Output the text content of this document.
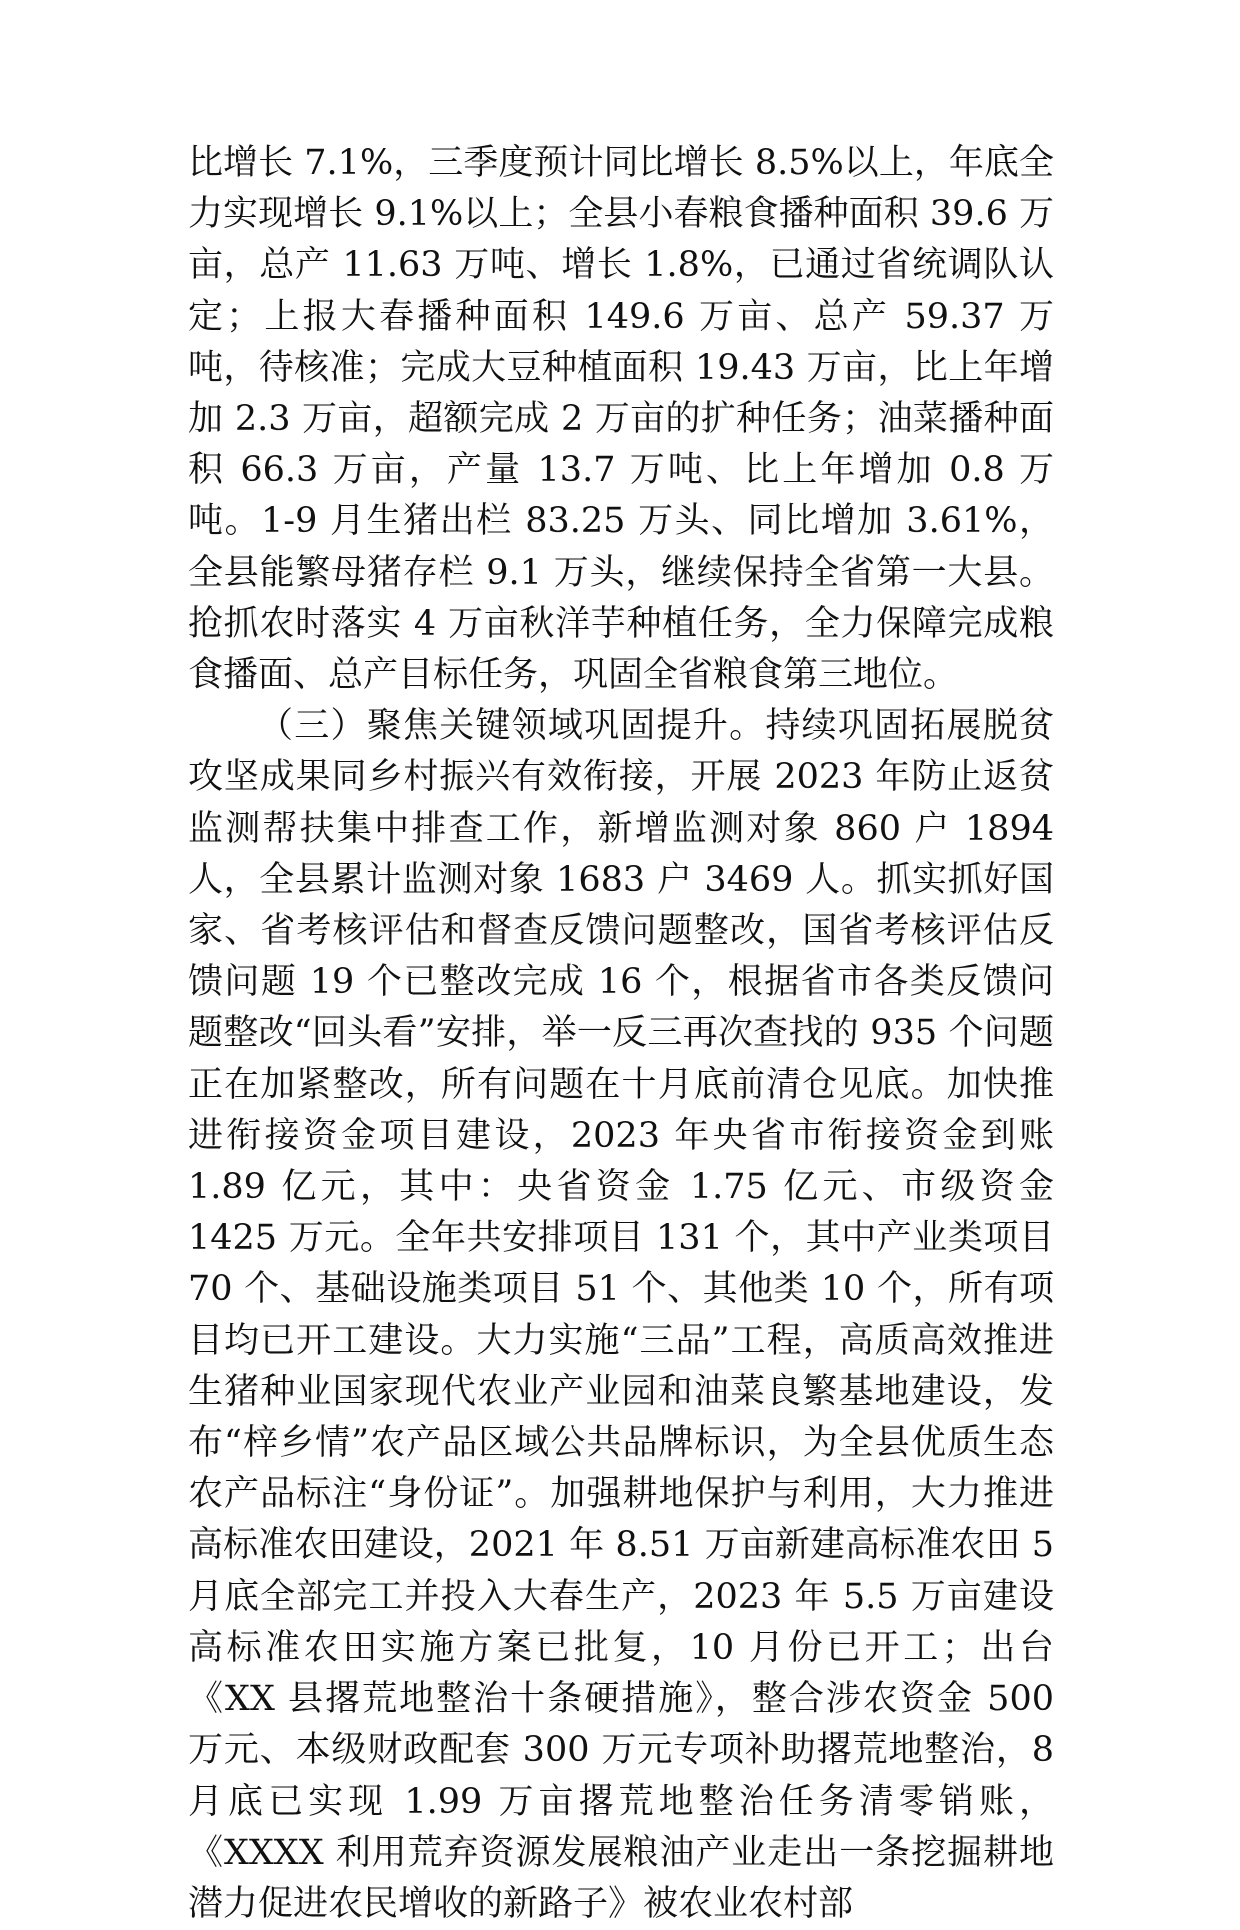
比增长 7.1%，三季度预计同比增长 8.5%以上，年底全力实现增长 9.1%以上；全县小春粮食播种面积 39.6 万亩，总产 11.63 万吨、增长 1.8%，已通过省统调队认定；上报大春播种面积 149.6 万亩、总产 59.37 万吨，待核准；完成大豆种植面积 19.43 万亩，比上年增加 2.3 万亩，超额完成 2 万亩的扩种任务；油菜播种面积 66.3 万亩，产量 13.7 万吨、比上年增加 0.8 万吨。1-9 月生猪出栏 83.25 万头、同比增加 3.61%，全县能繁母猪存栏 9.1 万头，继续保持全省第一大县。抢抓农时落实 4 万亩秋洋芋种植任务，全力保障完成粮食播面、总产目标任务，巩固全省粮食第三地位。

（三）聚焦关键领域巩固提升。持续巩固拓展脱贫攻坚成果同乡村振兴有效衔接，开展 2023 年防止返贫监测帮扶集中排查工作，新增监测对象 860 户 1894 人，全县累计监测对象 1683 户 3469 人。抓实抓好国家、省考核评估和督查反馈问题整改，国省考核评估反馈问题 19 个已整改完成 16 个，根据省市各类反馈问题整改“回头看”安排，举一反三再次查找的 935 个问题正在加紧整改，所有问题在十月底前清仓见底。加快推进衔接资金项目建设，2023 年央省市衔接资金到账 1.89 亿元，其中：央省资金 1.75 亿元、市级资金 1425 万元。全年共安排项目 131 个，其中产业类项目 70 个、基础设施类项目 51 个、其他类 10 个，所有项目均已开工建设。大力实施“三品”工程，高质高效推进生猪种业国家现代农业产业园和油菜良繁基地建设，发布“梓乡情”农产品区域公共品牌标识，为全县优质生态农产品标注“身份证”。加强耕地保护与利用，大力推进高标准农田建设，2021 年 8.51 万亩新建高标准农田 5 月底全部完工并投入大春生产，2023 年 5.5 万亩建设高标准农田实施方案已批复，10 月份已开工；出台《XX 县撂荒地整治十条硬措施》，整合涉农资金 500 万元、本级财政配套 300 万元专项补助撂荒地整治，8 月底已实现 1.99 万亩撂荒地整治任务清零销账，《XXXX 利用荒弃资源发展粮油产业走出一条挖掘耕地潜力促进农民增收的新路子》被农业农村部
